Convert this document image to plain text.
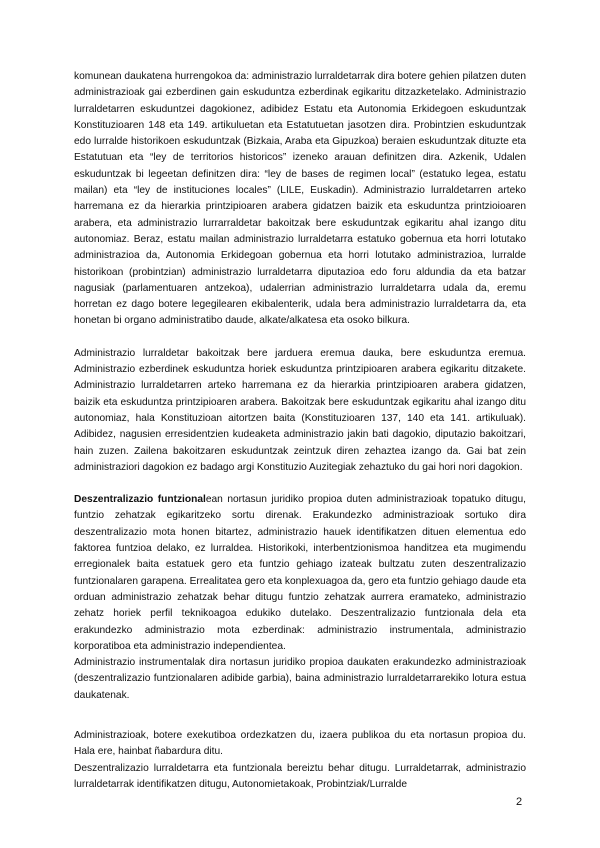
komunean daukatena hurrengokoa da: administrazio lurraldetarrak dira botere gehien pilatzen duten administrazioak gai ezberdinen gain eskuduntza ezberdinak egikaritu ditzazketelako. Administrazio lurraldetarren eskuduntzei dagokionez, adibidez Estatu eta Autonomia Erkidegoen eskuduntzak Konstituzioaren 148 eta 149. artikuluetan eta Estatutuetan jasotzen dira. Probintzien eskuduntzak edo lurralde historikoen eskuduntzak (Bizkaia, Araba eta Gipuzkoa) beraien eskuduntzak dituzte eta Estatutuan eta “ley de territorios historicos” izeneko arauan definitzen dira. Azkenik, Udalen eskuduntzak bi legeetan definitzen dira: “ley de bases de regimen local” (estatuko legea, estatu mailan) eta “ley de instituciones locales” (LILE, Euskadin). Administrazio lurraldetarren arteko harremana ez da hierarkia printzipioaren arabera gidatzen baizik eta eskuduntza printzioioaren arabera, eta administrazio lurrarraldetar bakoitzak bere eskuduntzak egikaritu ahal izango ditu autonomiaz. Beraz, estatu mailan administrazio lurraldetarra estatuko gobernua eta horri lotutako administrazioa da, Autonomia Erkidegoan gobernua eta horri lotutako administrazioa, lurralde historikoan (probintzian) administrazio lurraldetarra diputazioa edo foru aldundia da eta batzar nagusiak (parlamentuaren antzekoa), udalerrian administrazio lurraldetarra udala da, eremu horretan ez dago botere legegilearen ekibalenterik, udala bera administrazio lurraldetarra da, eta honetan bi organo administratibo daude, alkate/alkatesa eta osoko bilkura.

Administrazio lurraldetar bakoitzak bere jarduera eremua dauka, bere eskuduntza eremua. Administrazio ezberdinek eskuduntza horiek eskuduntza printzipioaren arabera egikaritu ditzakete. Administrazio lurraldetarren arteko harremana ez da hierarkia printzipioaren arabera gidatzen, baizik eta eskuduntza printzipioaren arabera. Bakoitzak bere eskuduntzak egikaritu ahal izango ditu autonomiaz, hala Konstituzioan aitortzen baita (Konstituzioaren 137, 140 eta 141. artikuluak). Adibidez, nagusien erresidentzien kudeaketa administrazio jakin bati dagokio, diputazio bakoitzari, hain zuzen. Zailena bakoitzaren eskuduntzak zeintzuk diren zehaztea izango da. Gai bat zein administraziori dagokion ez badago argi Konstituzio Auzitegiak zehaztuko du gai hori nori dagokion.

Deszentralizazio funtzionalean nortasun juridiko propioa duten administrazioak topatuko ditugu, funtzio zehatzak egikaritzeko sortu direnak. Erakundezko administrazioak sortuko dira deszentralizazio mota honen bitartez, administrazio hauek identifikatzen dituen elementua edo faktorea funtzioa delako, ez lurraldea. Historikoki, interbentzionismoa handitzea eta mugimendu erregionalek baita estatuek gero eta funtzio gehiago izateak bultzatu zuten deszentralizazio funtzionalaren garapena. Errealitatea gero eta konplexuagoa da, gero eta funtzio gehiago daude eta orduan administrazio zehatzak behar ditugu funtzio zehatzak aurrera eramateko, administrazio zehatz horiek perfil teknikoagoa edukiko dutelako. Deszentralizazio funtzionala dela eta erakundezko administrazio mota ezberdinak: administrazio instrumentala, administrazio korporatiboa eta administrazio independientea.

Administrazio instrumentalak dira nortasun juridiko propioa daukaten erakundezko administrazioak (deszentralizazio funtzionalaren adibide garbia), baina administrazio lurraldetarrarekiko lotura estua daukatenak.

Administrazioak, botere exekutiboa ordezkatzen du, izaera publikoa du eta nortasun propioa du. Hala ere, hainbat ñabardura ditu.

Deszentralizazio lurraldetarra eta funtzionala bereiztu behar ditugu. Lurraldetarrak, administrazio lurraldetarrak identifikatzen ditugu, Autonomietakoak, Probintziak/Lurralde

2
